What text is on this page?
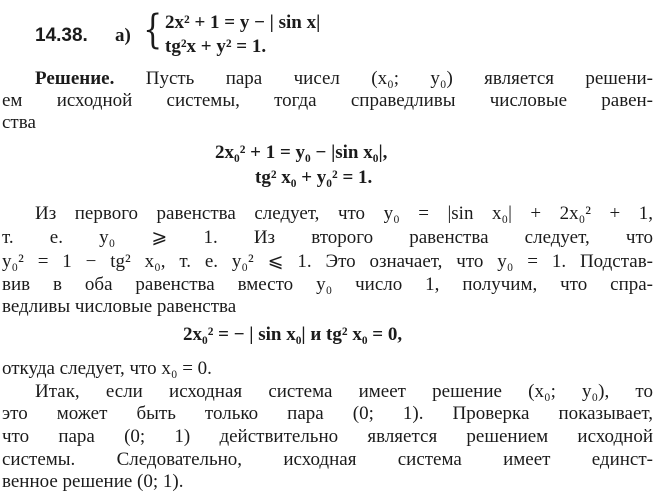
14.38. а) { 2x² + 1 = y − | sin x|
tg²x + y² = 1.
Решение. Пусть пара чисел (x₀; y₀) является решени-
ем исходной системы, тогда справедливы числовые равен-
ства
2x₀² + 1 = y₀ − |sin x₀|,
tg² x₀ + y₀² = 1.
Из первого равенства следует, что y₀ = |sin x₀| + 2x₀² + 1,
т. е. y₀ ⩾ 1. Из второго равенства следует, что
y₀² = 1 − tg² x₀, т. е. y₀² ⩽ 1. Это означает, что y₀ = 1. Подстав-
вив в оба равенства вместо y₀ число 1, получим, что спра-
ведливы числовые равенства
2x₀² = − | sin x₀| и tg² x₀ = 0,
откуда следует, что x₀ = 0.
Итак, если исходная система имеет решение (x₀; y₀), то
это может быть только пара (0; 1). Проверка показывает,
что пара (0; 1) действительно является решением исходной
системы. Следовательно, исходная система имеет единст-
венное решение (0; 1).
